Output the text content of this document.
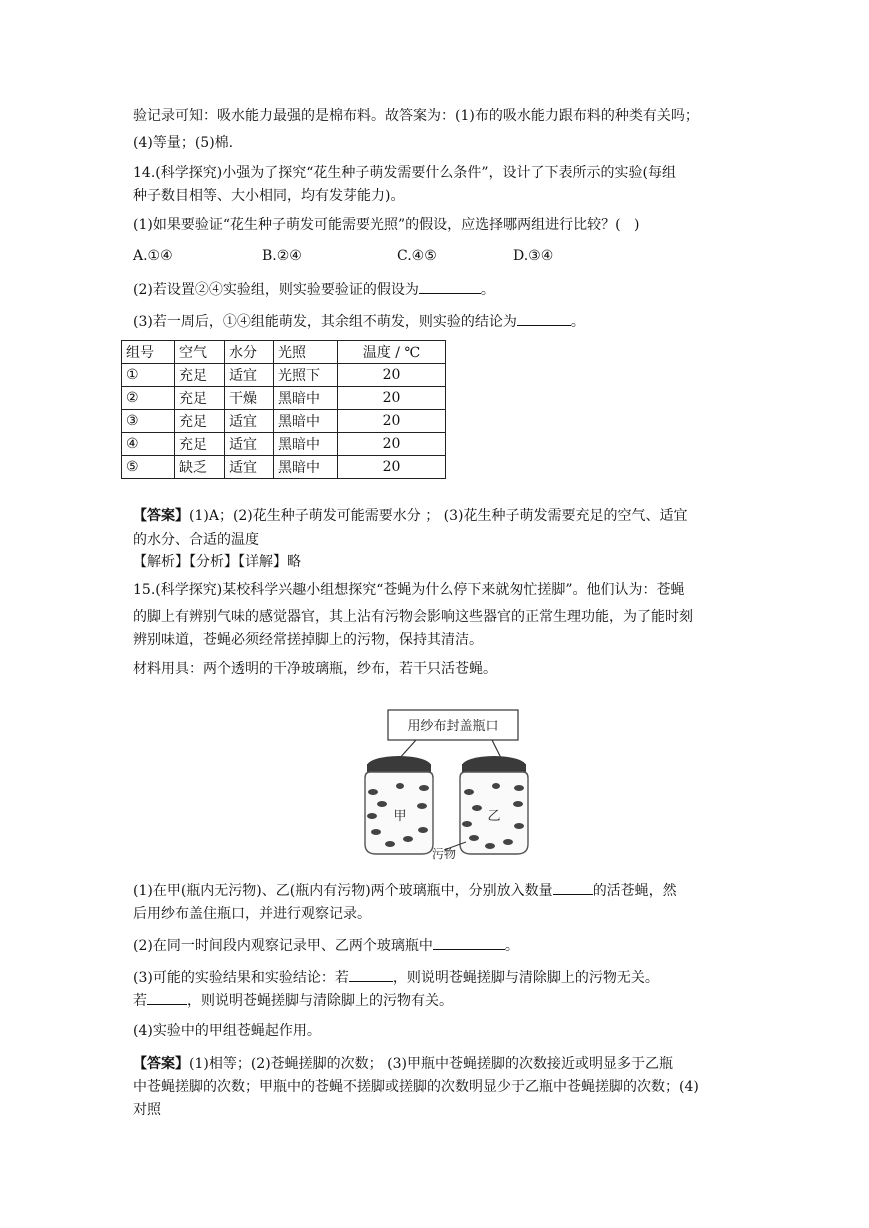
验记录可知：吸水能力最强的是棉布料。故答案为：(1)布的吸水能力跟布料的种类有关吗；
(4)等量；(5)棉.
14.(科学探究)小强为了探究“花生种子萌发需要什么条件”，设计了下表所示的实验(每组
种子数目相等、大小相同，均有发芽能力)。
(1)如果要验证“花生种子萌发可能需要光照”的假设，应选择哪两组进行比较？(   )
A.①④	B.②④	C.④⑤	D.③④
(2)若设置②④实验组，则实验要验证的假设为	。
(3)若一周后，①④组能萌发，其余组不萌发，则实验的结论为	。
组号	空气	水分	光照	温度 / ℃
①	充足	适宜	光照下	20
②	充足	干燥	黑暗中	20
③	充足	适宜	黑暗中	20
④	充足	适宜	黑暗中	20
⑤	缺乏	适宜	黑暗中	20
【答案】(1)A；(2)花生种子萌发可能需要水分 ； (3)花生种子萌发需要充足的空气、适宜
的水分、合适的温度
【解析】【分析】【详解】略
15.(科学探究)某校科学兴趣小组想探究“苍蝇为什么停下来就匆忙搓脚”。他们认为：苍蝇
的脚上有辨别气味的感觉器官，其上沾有污物会影响这些器官的正常生理功能，为了能时刻
辨别味道，苍蝇必须经常搓掉脚上的污物，保持其清洁。
材料用具：两个透明的干净玻璃瓶，纱布，若干只活苍蝇。
用纱布封盖瓶口
甲	乙
污物
(1)在甲(瓶内无污物)、乙(瓶内有污物)两个玻璃瓶中，分别放入数量	的活苍蝇，然
后用纱布盖住瓶口，并进行观察记录。
(2)在同一时间段内观察记录甲、乙两个玻璃瓶中	。
(3)可能的实验结果和实验结论：若	，则说明苍蝇搓脚与清除脚上的污物无关。
若	，则说明苍蝇搓脚与清除脚上的污物有关。
(4)实验中的甲组苍蝇起作用。
【答案】(1)相等；(2)苍蝇搓脚的次数； (3)甲瓶中苍蝇搓脚的次数接近或明显多于乙瓶
中苍蝇搓脚的次数；甲瓶中的苍蝇不搓脚或搓脚的次数明显少于乙瓶中苍蝇搓脚的次数；(4)
对照
